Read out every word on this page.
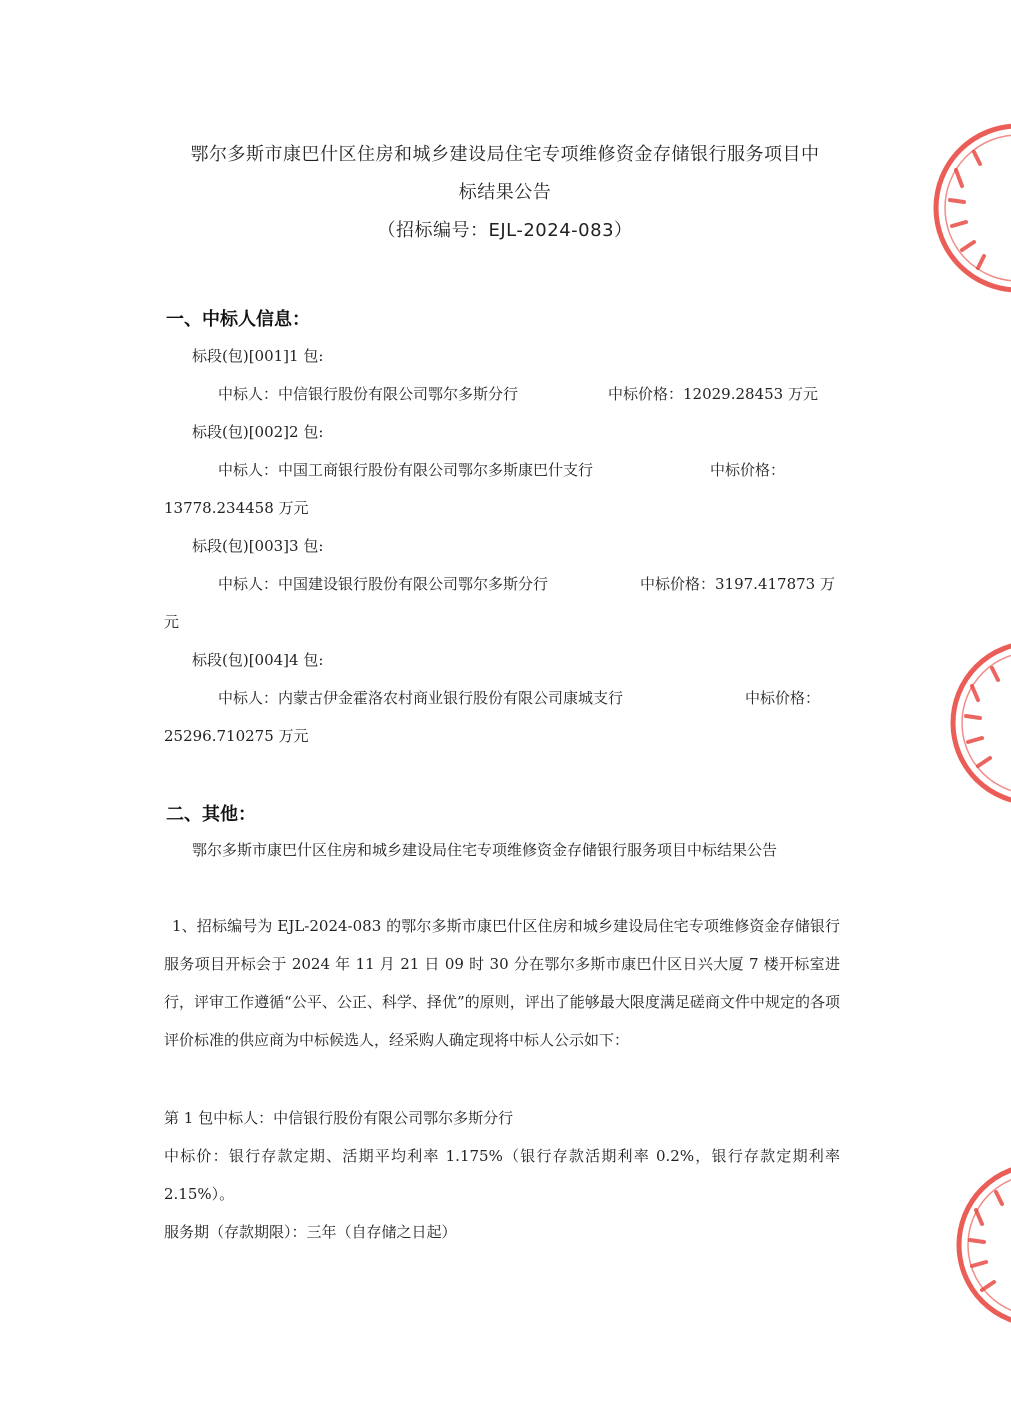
鄂尔多斯市康巴什区住房和城乡建设局住宅专项维修资金存储银行服务项目中
标结果公告
（招标编号：EJL-2024-083）
一、中标人信息：
标段(包)[001]1 包:
中标人：中信银行股份有限公司鄂尔多斯分行	中标价格：12029.28453 万元
标段(包)[002]2 包:
中标人：中国工商银行股份有限公司鄂尔多斯康巴什支行	中标价格：
13778.234458 万元
标段(包)[003]3 包:
中标人：中国建设银行股份有限公司鄂尔多斯分行	中标价格：3197.417873 万
元
标段(包)[004]4 包:
中标人：内蒙古伊金霍洛农村商业银行股份有限公司康城支行	中标价格：
25296.710275 万元
二、其他：
鄂尔多斯市康巴什区住房和城乡建设局住宅专项维修资金存储银行服务项目中标结果公告
1、招标编号为 EJL-2024-083 的鄂尔多斯市康巴什区住房和城乡建设局住宅专项维修资金存储银行服务项目开标会于 2024 年 11 月 21 日 09 时 30 分在鄂尔多斯市康巴什区日兴大厦 7 楼开标室进行，评审工作遵循“公平、公正、科学、择优”的原则，评出了能够最大限度满足磋商文件中规定的各项评价标准的供应商为中标候选人，经采购人确定现将中标人公示如下：
第 1 包中标人：中信银行股份有限公司鄂尔多斯分行
中标价：银行存款定期、活期平均利率 1.175%（银行存款活期利率 0.2%，银行存款定期利率 2.15%）。
服务期（存款期限）：三年（自存储之日起）
